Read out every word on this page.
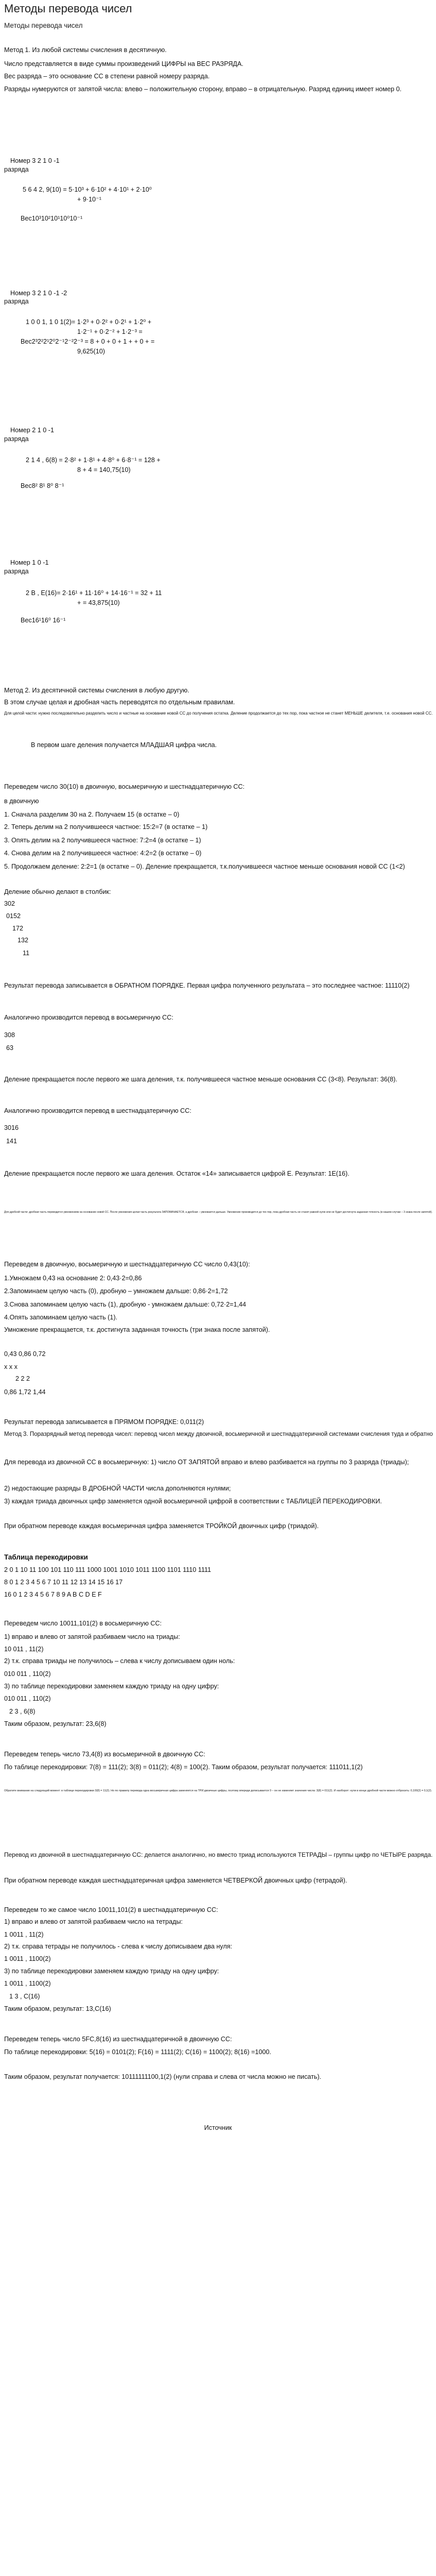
Методы перевода чисел
Методы перевода чисел
Метод 1. Из любой системы счисления в десятичную.
Число представляется в виде суммы произведений ЦИФРЫ на ВЕС РАЗРЯДА.
Вес разряда – это основание СС в степени равной номеру разряда.
Разряды нумеруются от запятой числа: влево – положительную сторону, вправо – в отрицательную. Разряд единиц имеет номер 0.
Номер 3 2 1 0 -1
разряда
5 6 4 2, 9(10) = 5·10³ + 6·10² + 4·10¹ + 2·10⁰
+ 9·10⁻¹
Вес10³10²10¹10⁰10⁻¹
Номер 3 2 1 0 -1 -2
разряда
1 0 0 1, 1 0 1(2)= 1·2³ + 0·2² + 0·2¹ + 1·2⁰ +
1·2⁻¹ + 0·2⁻² + 1·2⁻³ =
Вес2³2²2¹2⁰2⁻¹2⁻²2⁻³ = 8 + 0 + 0 + 1 + + 0 + =
9,625(10)
Номер 2 1 0 -1
разряда
2 1 4 , 6(8) = 2·8² + 1·8¹ + 4·8⁰ + 6·8⁻¹ = 128 +
8 + 4 = 140,75(10)
Вес8² 8¹ 8⁰ 8⁻¹
Номер 1 0 -1
разряда
2 B , E(16)= 2·16¹ + 11·16⁰ + 14·16⁻¹ = 32 + 11
+ = 43,875(10)
Вес16¹16⁰ 16⁻¹
Метод 2. Из десятичной системы счисления в любую другую.
В этом случае целая и дробная часть переводятся по отдельным правилам.
Для целой части: нужно последовательно разделить число и частные на основание новой СС до получения остатка. Деление продолжается до тех пор, пока частное не станет МЕНЬШЕ делителя, т.е. основания новой СС.
В первом шаге деления получается МЛАДШАЯ цифра числа.
Переведем число 30(10) в двоичную, восьмеричную и шестнадцатеричную СС:
в двоичную
1. Сначала разделим 30 на 2. Получаем 15 (в остатке – 0)
2. Теперь делим на 2 получившееся частное: 15:2=7 (в остатке – 1)
3. Опять делим на 2 получившееся частное: 7:2=4 (в остатке – 1)
4. Снова делим на 2 получившееся частное: 4:2=2 (в остатке – 0)
5. Продолжаем деление: 2:2=1 (в остатке – 0). Деление прекращается, т.к.получившееся частное меньше основания новой СС (1<2)
Деление обычно делают в столбик:
302
0152
172
132
11
Результат перевода записывается в ОБРАТНОМ ПОРЯДКЕ. Первая цифра полученного результата – это последнее частное: 11110(2)
Аналогично производится перевод в восьмеричную СС:
308
63
Деление прекращается после первого же шага деления, т.к. получившееся частное меньше основания СС (3<8). Результат: 36(8).
Аналогично производится перевод в шестнадцатеричную СС:
3016
141
Деление прекращается после первого же шага деления. Остаток «14» записывается цифрой E. Результат: 1E(16).
Для дробной части: дробная часть переводится умножением на основание новой СС. После умножения целая часть результата ЗАПОМИНАЕТСЯ, а дробная – умножается дальше. Умножение производится до тех пор, пока дробная часть не станет равной нулю или не будет достигнута заданная точность (в нашем случае – 3 знака после запятой).
Переведем в двоичную, восьмеричную и шестнадцатеричную СС число 0,43(10):
1.Умножаем 0,43 на основание 2: 0,43·2=0,86
2.Запоминаем целую часть (0), дробную – умножаем дальше: 0,86·2=1,72
3.Снова запоминаем целую часть (1), дробную - умножаем дальше: 0,72·2=1,44
4.Опять запоминаем целую часть (1).
Умножение прекращается, т.к. достигнута заданная точность (три знака после запятой).
0,43 0,86 0,72
x x x
2 2 2
0,86 1,72 1,44
Результат перевода записывается в ПРЯМОМ ПОРЯДКЕ: 0,011(2)
Метод 3. Поразрядный метод перевода чисел: перевод чисел между двоичной, восьмеричной и шестнадцатеричной системами счисления туда и обратно
Для перевода из двоичной СС в восьмеричную: 1) число ОТ ЗАПЯТОЙ вправо и влево разбивается на группы по 3 разряда (триады);
2) недостающие разряды В ДРОБНОЙ ЧАСТИ числа дополняются нулями;
3) каждая триада двоичных цифр заменяется одной восьмеричной цифрой в соответствии с ТАБЛИЦЕЙ ПЕРЕКОДИРОВКИ.
При обратном переводе каждая восьмеричная цифра заменяется ТРОЙКОЙ двоичных цифр (триадой).
Таблица перекодировки
2 0 1 10 11 100 101 110 111 1000 1001 1010 1011 1100 1101 1110 1111
8 0 1 2 3 4 5 6 7 10 11 12 13 14 15 16 17
16 0 1 2 3 4 5 6 7 8 9 A B C D E F
Переведем число 10011,101(2) в восьмеричную СС:
1) вправо и влево от запятой разбиваем число на триады:
10 011 , 11(2)
2) т.к. справа триады не получилось – слева к числу дописываем один ноль:
010 011 , 110(2)
3) по таблице перекодировки заменяем каждую триаду на одну цифру:
010 011 , 110(2)
2 3 , 6(8)
Таким образом, результат: 23,6(8)
Переведем теперь число 73,4(8) из восьмеричной в двоичную СС:
По таблице перекодировки: 7(8) = 111(2); 3(8) = 011(2); 4(8) = 100(2). Таким образом, результат получается: 111011,1(2)
Обратите внимание на следующий момент: в таблице перекодировки 3(8) = 11(2). Но по правилу перевода одна восьмеричная цифра заменяется на ТРИ двоичные цифры, поэтому впереди дописывается 0 – он не изменяет значения числа: 3(8) = 011(2). И наоборот: нули в конце дробной части можно отбросить: 0,100(2) = 0,1(2).
Перевод из двоичной в шестнадцатеричную СС: делается аналогично, но вместо триад используются ТЕТРАДЫ – группы цифр по ЧЕТЫРЕ разряда.
При обратном переводе каждая шестнадцатеричная цифра заменяется ЧЕТВЕРКОЙ двоичных цифр (тетрадой).
Переведем то же самое число 10011,101(2) в шестнадцатеричную СС:
1) вправо и влево от запятой разбиваем число на тетрады:
1 0011 , 11(2)
2) т.к. справа тетрады не получилось - слева к числу дописываем два нуля:
1 0011 , 1100(2)
3) по таблице перекодировки заменяем каждую триаду на одну цифру:
1 0011 , 1100(2)
1 3 , C(16)
Таким образом, результат: 13,C(16)
Переведем теперь число 5FC,8(16) из шестнадцатеричной в двоичную СС:
По таблице перекодировки: 5(16) = 0101(2); F(16) = 1111(2); C(16) = 1100(2); 8(16) =1000.
Таким образом, результат получается: 10111111100,1(2) (нули справа и слева от числа можно не писать).
Источник
